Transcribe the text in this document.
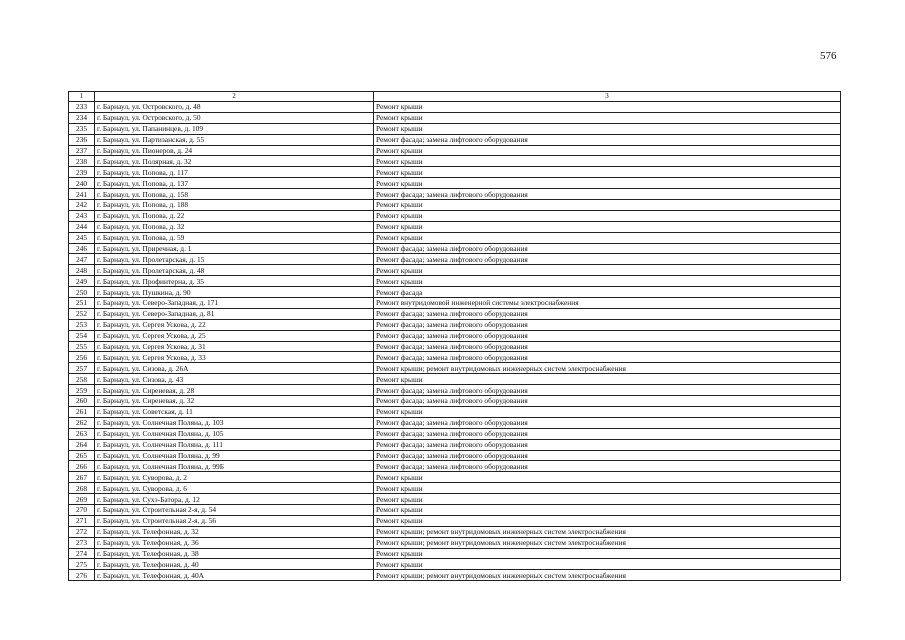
576
1	2	3
233	г. Барнаул, ул. Островского, д. 48	Ремонт крыши
234	г. Барнаул, ул. Островского, д. 50	Ремонт крыши
235	г. Барнаул, ул. Папанинцев, д. 109	Ремонт крыши
236	г. Барнаул, ул. Партизанская, д. 55	Ремонт фасада; замена лифтового оборудования
237	г. Барнаул, ул. Пионеров, д. 24	Ремонт крыши
238	г. Барнаул, ул. Полярная, д. 32	Ремонт крыши
239	г. Барнаул, ул. Попова, д. 117	Ремонт крыши
240	г. Барнаул, ул. Попова, д. 137	Ремонт крыши
241	г. Барнаул, ул. Попова, д. 158	Ремонт фасада; замена лифтового оборудования
242	г. Барнаул, ул. Попова, д. 188	Ремонт крыши
243	г. Барнаул, ул. Попова, д. 22	Ремонт крыши
244	г. Барнаул, ул. Попова, д. 32	Ремонт крыши
245	г. Барнаул, ул. Попова, д. 59	Ремонт крыши
246	г. Барнаул, ул. Приречная, д. 1	Ремонт фасада; замена лифтового оборудования
247	г. Барнаул, ул. Пролетарская, д. 15	Ремонт фасада; замена лифтового оборудования
248	г. Барнаул, ул. Пролетарская, д. 48	Ремонт крыши
249	г. Барнаул, ул. Профинтерна, д. 35	Ремонт крыши
250	г. Барнаул, ул. Пушкина, д. 90	Ремонт фасада
251	г. Барнаул, ул. Северо-Западная, д. 171	Ремонт внутридомовой инженерной системы электроснабжения
252	г. Барнаул, ул. Северо-Западная, д. 81	Ремонт фасада; замена лифтового оборудования
253	г. Барнаул, ул. Сергея Ускова, д. 22	Ремонт фасада; замена лифтового оборудования
254	г. Барнаул, ул. Сергея Ускова, д. 25	Ремонт фасада; замена лифтового оборудования
255	г. Барнаул, ул. Сергея Ускова, д. 31	Ремонт фасада; замена лифтового оборудования
256	г. Барнаул, ул. Сергея Ускова, д. 33	Ремонт фасада; замена лифтового оборудования
257	г. Барнаул, ул. Сизова, д. 26А	Ремонт крыши; ремонт внутридомовых инженерных систем электроснабжения
258	г. Барнаул, ул. Сизова, д. 43	Ремонт крыши
259	г. Барнаул, ул. Сиреневая, д. 28	Ремонт фасада; замена лифтового оборудования
260	г. Барнаул, ул. Сиреневая, д. 32	Ремонт фасада; замена лифтового оборудования
261	г. Барнаул, ул. Советская, д. 11	Ремонт крыши
262	г. Барнаул, ул. Солнечная Поляна, д. 103	Ремонт фасада; замена лифтового оборудования
263	г. Барнаул, ул. Солнечная Поляна, д. 105	Ремонт фасада; замена лифтового оборудования
264	г. Барнаул, ул. Солнечная Поляна, д. 111	Ремонт фасада; замена лифтового оборудования
265	г. Барнаул, ул. Солнечная Поляна, д. 99	Ремонт фасада; замена лифтового оборудования
266	г. Барнаул, ул. Солнечная Поляна, д. 99Б	Ремонт фасада; замена лифтового оборудования
267	г. Барнаул, ул. Суворова, д. 2	Ремонт крыши
268	г. Барнаул, ул. Суворова, д. 6	Ремонт крыши
269	г. Барнаул, ул. Сухэ-Батора, д. 12	Ремонт крыши
270	г. Барнаул, ул. Строительная 2-я, д. 54	Ремонт крыши
271	г. Барнаул, ул. Строительная 2-я, д. 56	Ремонт крыши
272	г. Барнаул, ул. Телефонная, д. 32	Ремонт крыши; ремонт внутридомовых инженерных систем электроснабжения
273	г. Барнаул, ул. Телефонная, д. 36	Ремонт крыши; ремонт внутридомовых инженерных систем электроснабжения
274	г. Барнаул, ул. Телефонная, д. 38	Ремонт крыши
275	г. Барнаул, ул. Телефонная, д. 40	Ремонт крыши
276	г. Барнаул, ул. Телефонная, д. 40А	Ремонт крыши; ремонт внутридомовых инженерных систем электроснабжения
